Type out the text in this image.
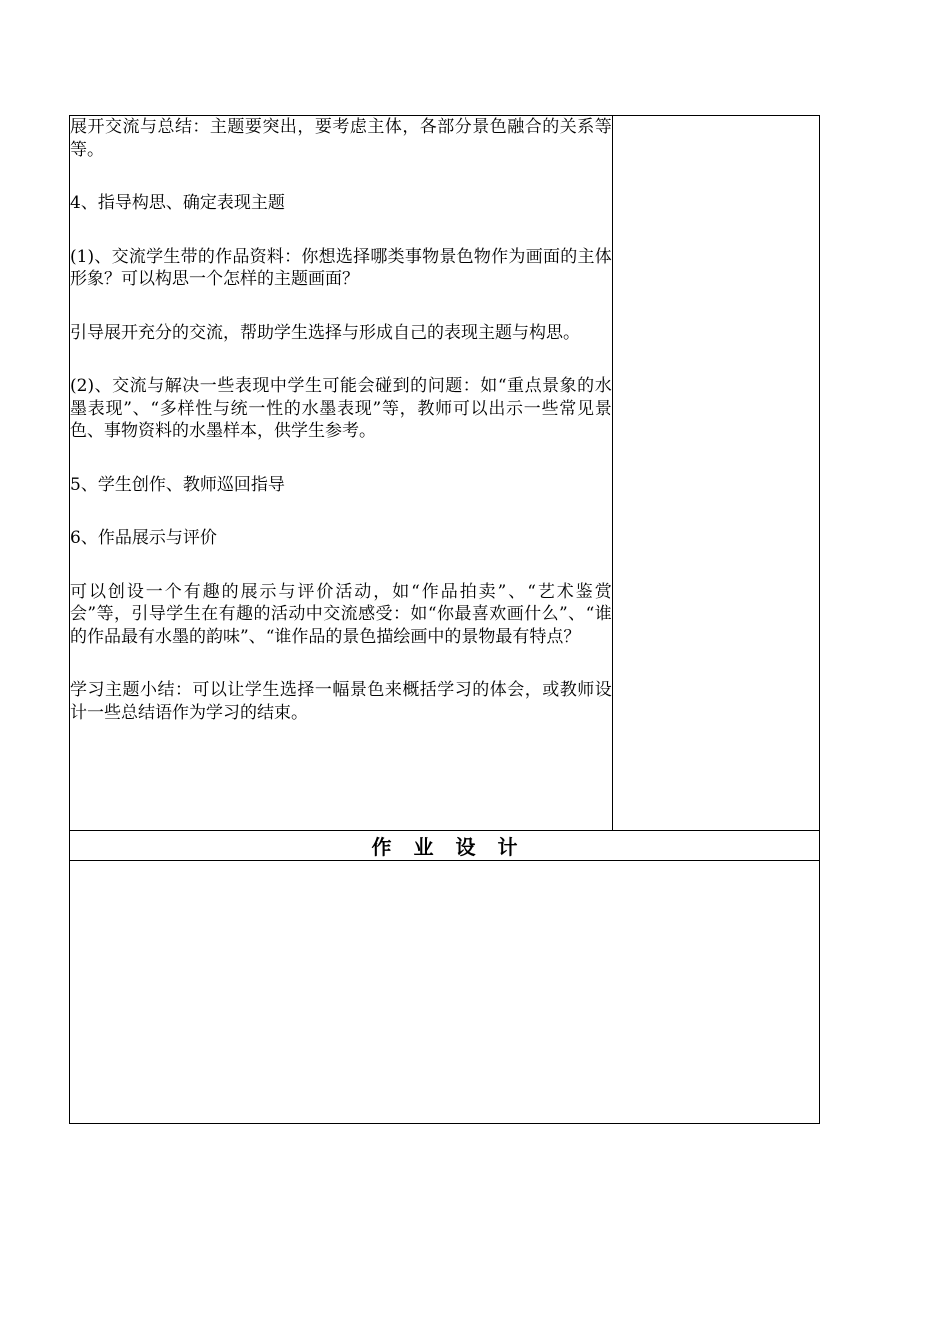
展开交流与总结：主题要突出，要考虑主体，各部分景色融合的关系等等。

4、指导构思、确定表现主题

(1)、交流学生带的作品资料：你想选择哪类事物景色物作为画面的主体形象？可以构思一个怎样的主题画面？

引导展开充分的交流，帮助学生选择与形成自己的表现主题与构思。

(2)、交流与解决一些表现中学生可能会碰到的问题：如“重点景象的水墨表现”、“多样性与统一性的水墨表现”等，教师可以出示一些常见景色、事物资料的水墨样本，供学生参考。

5、学生创作、教师巡回指导

6、作品展示与评价

可以创设一个有趣的展示与评价活动，如“作品拍卖”、“艺术鉴赏会”等，引导学生在有趣的活动中交流感受：如“你最喜欢画什么”、“谁的作品最有水墨的韵味”、“谁作品的景色描绘画中的景物最有特点？

学习主题小结：可以让学生选择一幅景色来概括学习的体会，或教师设计一些总结语作为学习的结束。

作业设计
